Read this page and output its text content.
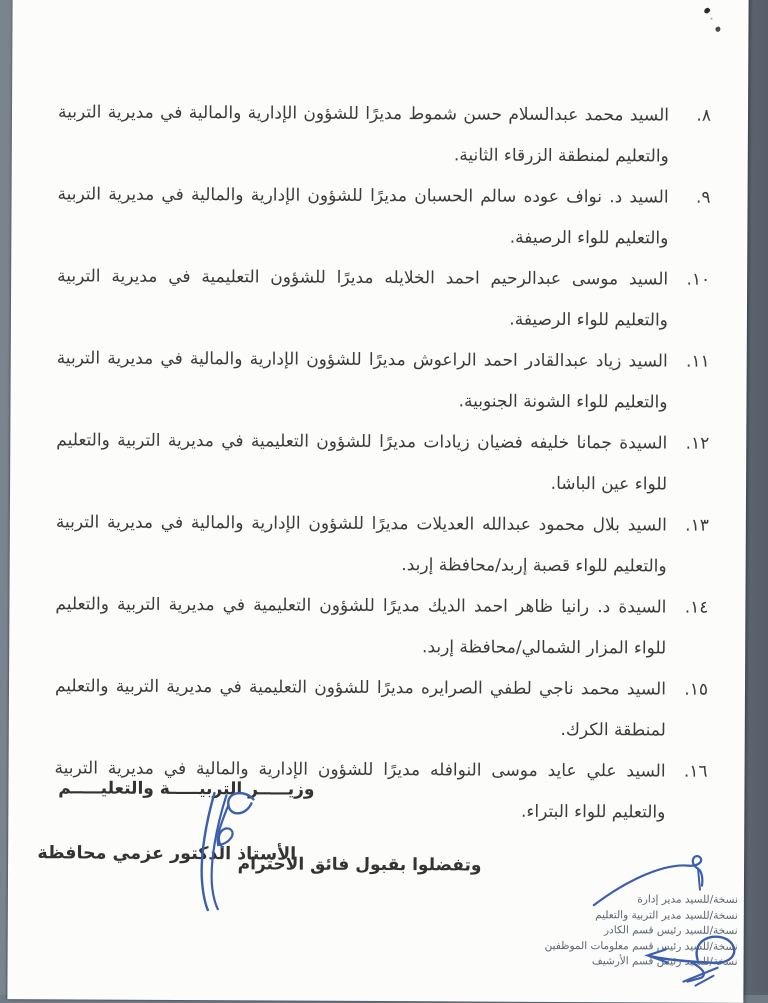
٨.
السيد محمد عبدالسلام حسن شموط مديرًا للشؤون الإدارية والمالية في مديرية التربية والتعليم لمنطقة الزرقاء الثانية.
٩.
السيد د. نواف عوده سالم الحسبان مديرًا للشؤون الإدارية والمالية في مديرية التربية والتعليم للواء الرصيفة.
١٠.
السيد موسى عبدالرحيم احمد الخلايله مديرًا للشؤون التعليمية في مديرية التربية والتعليم للواء الرصيفة.
١١.
السيد زياد عبدالقادر احمد الراعوش مديرًا للشؤون الإدارية والمالية في مديرية التربية والتعليم للواء الشونة الجنوبية.
١٢.
السيدة جمانا خليفه فضيان زيادات مديرًا للشؤون التعليمية في مديرية التربية والتعليم للواء عين الباشا.
١٣.
السيد بلال محمود عبدالله العديلات مديرًا للشؤون الإدارية والمالية في مديرية التربية والتعليم للواء قصبة إربد/محافظة إربد.
١٤.
السيدة د. رانيا ظاهر احمد الديك مديرًا للشؤون التعليمية في مديرية التربية والتعليم للواء المزار الشمالي/محافظة إربد.
١٥.
السيد محمد ناجي لطفي الصرايره مديرًا للشؤون التعليمية في مديرية التربية والتعليم لمنطقة الكرك.
١٦.
السيد علي عايد موسى النوافله مديرًا للشؤون الإدارية والمالية في مديرية التربية والتعليم للواء البتراء.
وتفضلوا بقبول فائق الاحترام
وزيـــــر التربيـــــة والتعليـــــم
الأستاذ الدكتور عزمي محافظة
نسخة/للسيد مدير إدارة
نسخة/للسيد مدير التربية والتعليم
نسخة/للسيد رئيس قسم الكادر
نسخة/للسيد رئيس قسم معلومات الموظفين
نسخة/للسيد رئيس قسم الأرشيف
